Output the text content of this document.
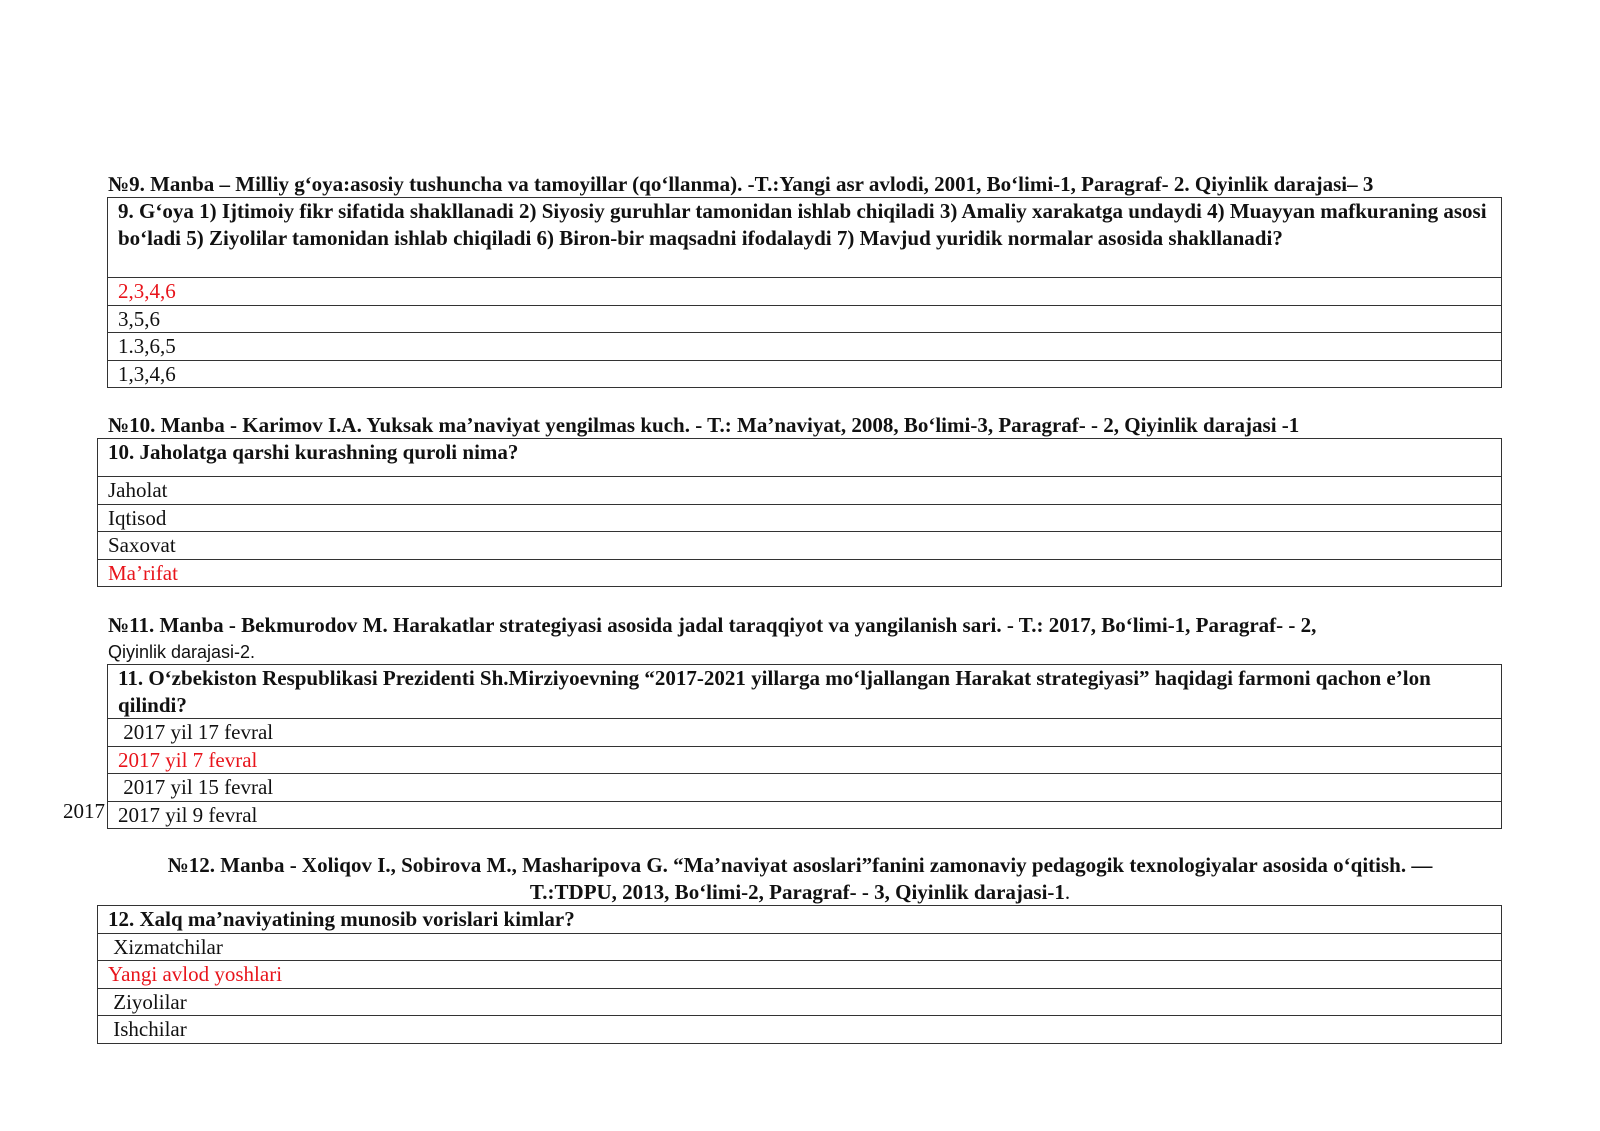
№9. Manba – Milliy g‘oya:asosiy tushuncha va tamoyillar (qo‘llanma). -T.:Yangi asr avlodi, 2001, Bo‘limi-1, Paragraf- 2. Qiyinlik darajasi– 3
9. G‘oya 1) Ijtimoiy fikr sifatida shakllanadi 2) Siyosiy guruhlar tamonidan ishlab chiqiladi 3) Amaliy xarakatga undaydi 4) Muayyan mafkuraning asosi bo‘ladi 5) Ziyolilar tamonidan ishlab chiqiladi 6) Biron-bir maqsadni ifodalaydi 7) Mavjud yuridik normalar asosida shakllanadi?
2,3,4,6
3,5,6
1.3,6,5
1,3,4,6
№10. Manba - Karimov I.A. Yuksak ma’naviyat yengilmas kuch. - T.: Ma’naviyat, 2008, Bo‘limi-3, Paragraf- - 2, Qiyinlik darajasi -1
10. Jaholatga qarshi kurashning quroli nima?
Jaholat
Iqtisod
Saxovat
Ma’rifat
№11. Manba - Bekmurodov M. Harakatlar strategiyasi asosida jadal taraqqiyot va yangilanish sari. - T.: 2017, Bo‘limi-1, Paragraf- - 2,
Qiyinlik darajasi-2.
11. O‘zbekiston Respublikasi Prezidenti Sh.Mirziyoevning “2017-2021 yillarga mo‘ljallangan Harakat strategiyasi” haqidagi farmoni qachon e’lon qilindi?
2017 yil 17 fevral
2017 yil 7 fevral
2017 yil 15 fevral
2017 yil 9 fevral
2017
№12. Manba - Xoliqov I., Sobirova M., Masharipova G. “Ma’naviyat asoslari”fanini zamonaviy pedagogik texnologiyalar asosida o‘qitish. —
T.:TDPU, 2013, Bo‘limi-2, Paragraf- - 3, Qiyinlik darajasi-1.
12. Xalq ma’naviyatining munosib vorislari kimlar?
Xizmatchilar
Yangi avlod yoshlari
Ziyolilar
Ishchilar
